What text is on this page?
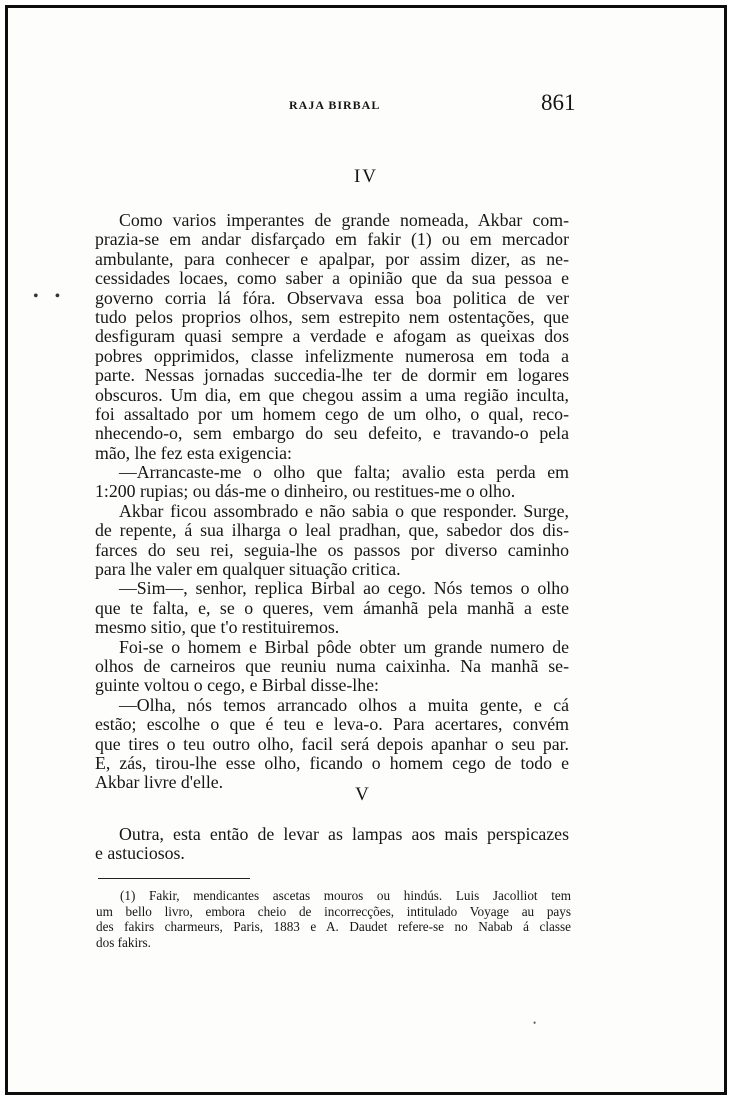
RAJA BIRBAL	861
IV
Como varios imperantes de grande nomeada, Akbar com-
prazia-se em andar disfarçado em fakir (1) ou em mercador
ambulante, para conhecer e apalpar, por assim dizer, as ne-
cessidades locaes, como saber a opinião que da sua pessoa e
governo corria lá fóra. Observava essa boa politica de ver
tudo pelos proprios olhos, sem estrepito nem ostentações, que
desfiguram quasi sempre a verdade e afogam as queixas dos
pobres opprimidos, classe infelizmente numerosa em toda a
parte. Nessas jornadas succedia-lhe ter de dormir em logares
obscuros. Um dia, em que chegou assim a uma região inculta,
foi assaltado por um homem cego de um olho, o qual, reco-
nhecendo-o, sem embargo do seu defeito, e travando-o pela
mão, lhe fez esta exigencia:
—Arrancaste-me o olho que falta; avalio esta perda em
1:200 rupias; ou dás-me o dinheiro, ou restitues-me o olho.
Akbar ficou assombrado e não sabia o que responder. Surge,
de repente, á sua ilharga o leal pradhan, que, sabedor dos dis-
farces do seu rei, seguia-lhe os passos por diverso caminho
para lhe valer em qualquer situação critica.
—Sim—, senhor, replica Birbal ao cego. Nós temos o olho
que te falta, e, se o queres, vem ámanhã pela manhã a este
mesmo sitio, que t'o restituiremos.
Foi-se o homem e Birbal pôde obter um grande numero de
olhos de carneiros que reuniu numa caixinha. Na manhã se-
guinte voltou o cego, e Birbal disse-lhe:
—Olha, nós temos arrancado olhos a muita gente, e cá
estão; escolhe o que é teu e leva-o. Para acertares, convém
que tires o teu outro olho, facil será depois apanhar o seu par.
E, zás, tirou-lhe esse olho, ficando o homem cego de todo e
Akbar livre d'elle.
V
Outra, esta então de levar as lampas aos mais perspicazes
e astuciosos.
(1) Fakir, mendicantes ascetas mouros ou hindús. Luis Jacolliot tem
um bello livro, embora cheio de incorrecções, intitulado Voyage au pays
des fakirs charmeurs, Paris, 1883 e A. Daudet refere-se no Nabab á classe
dos fakirs.
• •
•
